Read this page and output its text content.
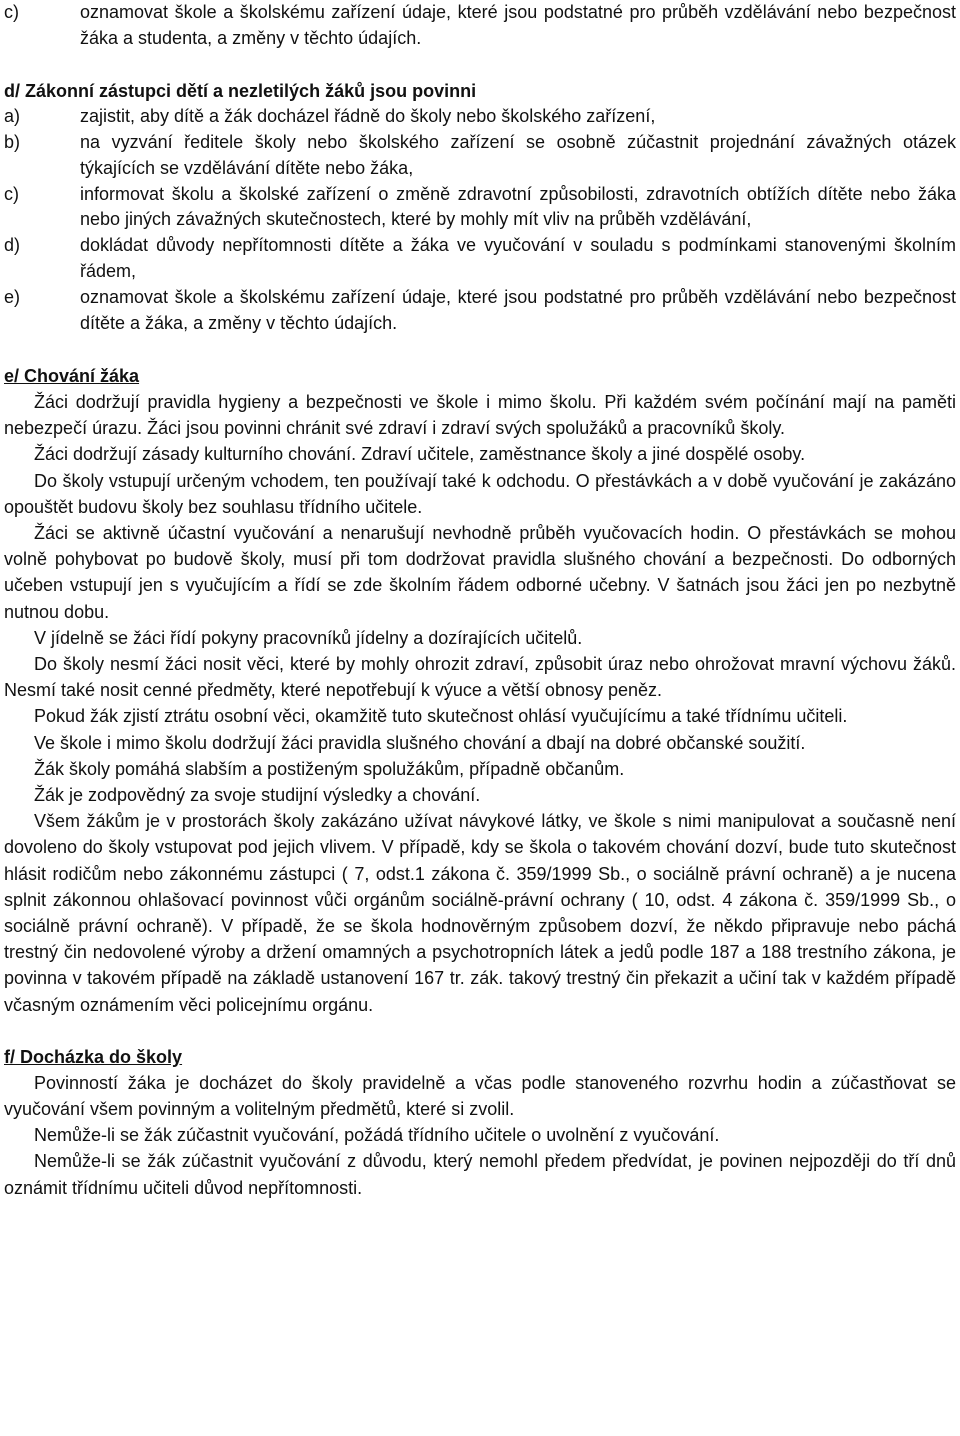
c)	oznamovat škole a školskému zařízení údaje, které jsou podstatné pro průběh vzdělávání nebo bezpečnost žáka a studenta, a změny v těchto údajích.
d/ Zákonní zástupci dětí a nezletilých žáků jsou povinni
a)	zajistit, aby dítě a žák docházel řádně do školy nebo školského zařízení,
b)	na vyzvání ředitele školy nebo školského zařízení se osobně zúčastnit projednání závažných otázek týkajících se vzdělávání dítěte nebo žáka,
c)	informovat školu a školské zařízení o změně zdravotní způsobilosti, zdravotních obtížích dítěte nebo žáka nebo jiných závažných skutečnostech, které by mohly mít vliv na průběh vzdělávání,
d)	dokládat důvody nepřítomnosti dítěte a žáka ve vyučování v souladu s podmínkami stanovenými školním řádem,
e)	oznamovat škole a školskému zařízení údaje, které jsou podstatné pro průběh vzdělávání nebo bezpečnost dítěte a žáka, a změny v těchto údajích.
e/ Chování žáka
Žáci dodržují pravidla hygieny a bezpečnosti ve škole i mimo školu. Při každém svém počínání mají na paměti nebezpečí úrazu. Žáci jsou povinni chránit své zdraví i zdraví svých spolužáků a pracovníků školy.
Žáci dodržují zásady kulturního chování. Zdraví učitele, zaměstnance školy a jiné dospělé osoby.
Do školy vstupují určeným vchodem, ten používají také k odchodu. O přestávkách a v době vyučování je zakázáno opouštět budovu školy bez souhlasu třídního učitele.
Žáci se aktivně účastní vyučování a nenarušují nevhodně průběh vyučovacích hodin. O přestávkách se mohou volně pohybovat po budově školy, musí při tom dodržovat pravidla slušného chování a bezpečnosti. Do odborných učeben vstupují jen s vyučujícím a řídí se zde školním řádem odborné učebny. V šatnách jsou žáci jen po nezbytně nutnou dobu.
V jídelně se žáci řídí pokyny pracovníků jídelny a dozírajících učitelů.
Do školy nesmí žáci nosit věci, které by mohly ohrozit zdraví, způsobit úraz nebo ohrožovat mravní výchovu žáků. Nesmí také nosit cenné předměty, které nepotřebují k výuce a větší obnosy peněz.
Pokud žák zjistí ztrátu osobní věci, okamžitě tuto skutečnost ohlásí vyučujícímu a také třídnímu učiteli.
Ve škole i mimo školu dodržují žáci pravidla slušného chování a dbají na dobré občanské soužití.
Žák školy pomáhá slabším a postiženým spolužákům, případně občanům.
Žák je zodpovědný za svoje studijní výsledky a chování.
Všem žákům je v prostorách školy zakázáno užívat návykové látky, ve škole s nimi manipulovat a současně není dovoleno do školy vstupovat pod jejich vlivem. V případě, kdy se škola o takovém chování dozví, bude tuto skutečnost hlásit rodičům nebo zákonnému zástupci ( 7, odst.1 zákona č. 359/1999 Sb., o sociálně právní ochraně) a je nucena splnit zákonnou ohlašovací povinnost vůči orgánům sociálně-právní ochrany ( 10, odst. 4 zákona č. 359/1999 Sb., o sociálně právní ochraně). V případě, že se škola hodnověrným způsobem dozví, že někdo připravuje nebo páchá trestný čin nedovolené výroby a držení omamných a psychotropních látek a jedů podle 187 a 188 trestního zákona, je povinna v takovém případě na základě ustanovení 167 tr. zák. takový trestný čin překazit a učiní tak v každém případě včasným oznámením věci policejnímu orgánu.
f/ Docházka do školy
Povinností žáka je docházet do školy pravidelně a včas podle stanoveného rozvrhu hodin a zúčastňovat se vyučování všem povinným a volitelným předmětů, které si zvolil.
Nemůže-li se žák zúčastnit vyučování, požádá třídního učitele o uvolnění z vyučování.
Nemůže-li se žák zúčastnit vyučování z důvodu, který nemohl předem předvídat, je povinen nejpozději do tří dnů oznámit třídnímu učiteli důvod nepřítomnosti.
